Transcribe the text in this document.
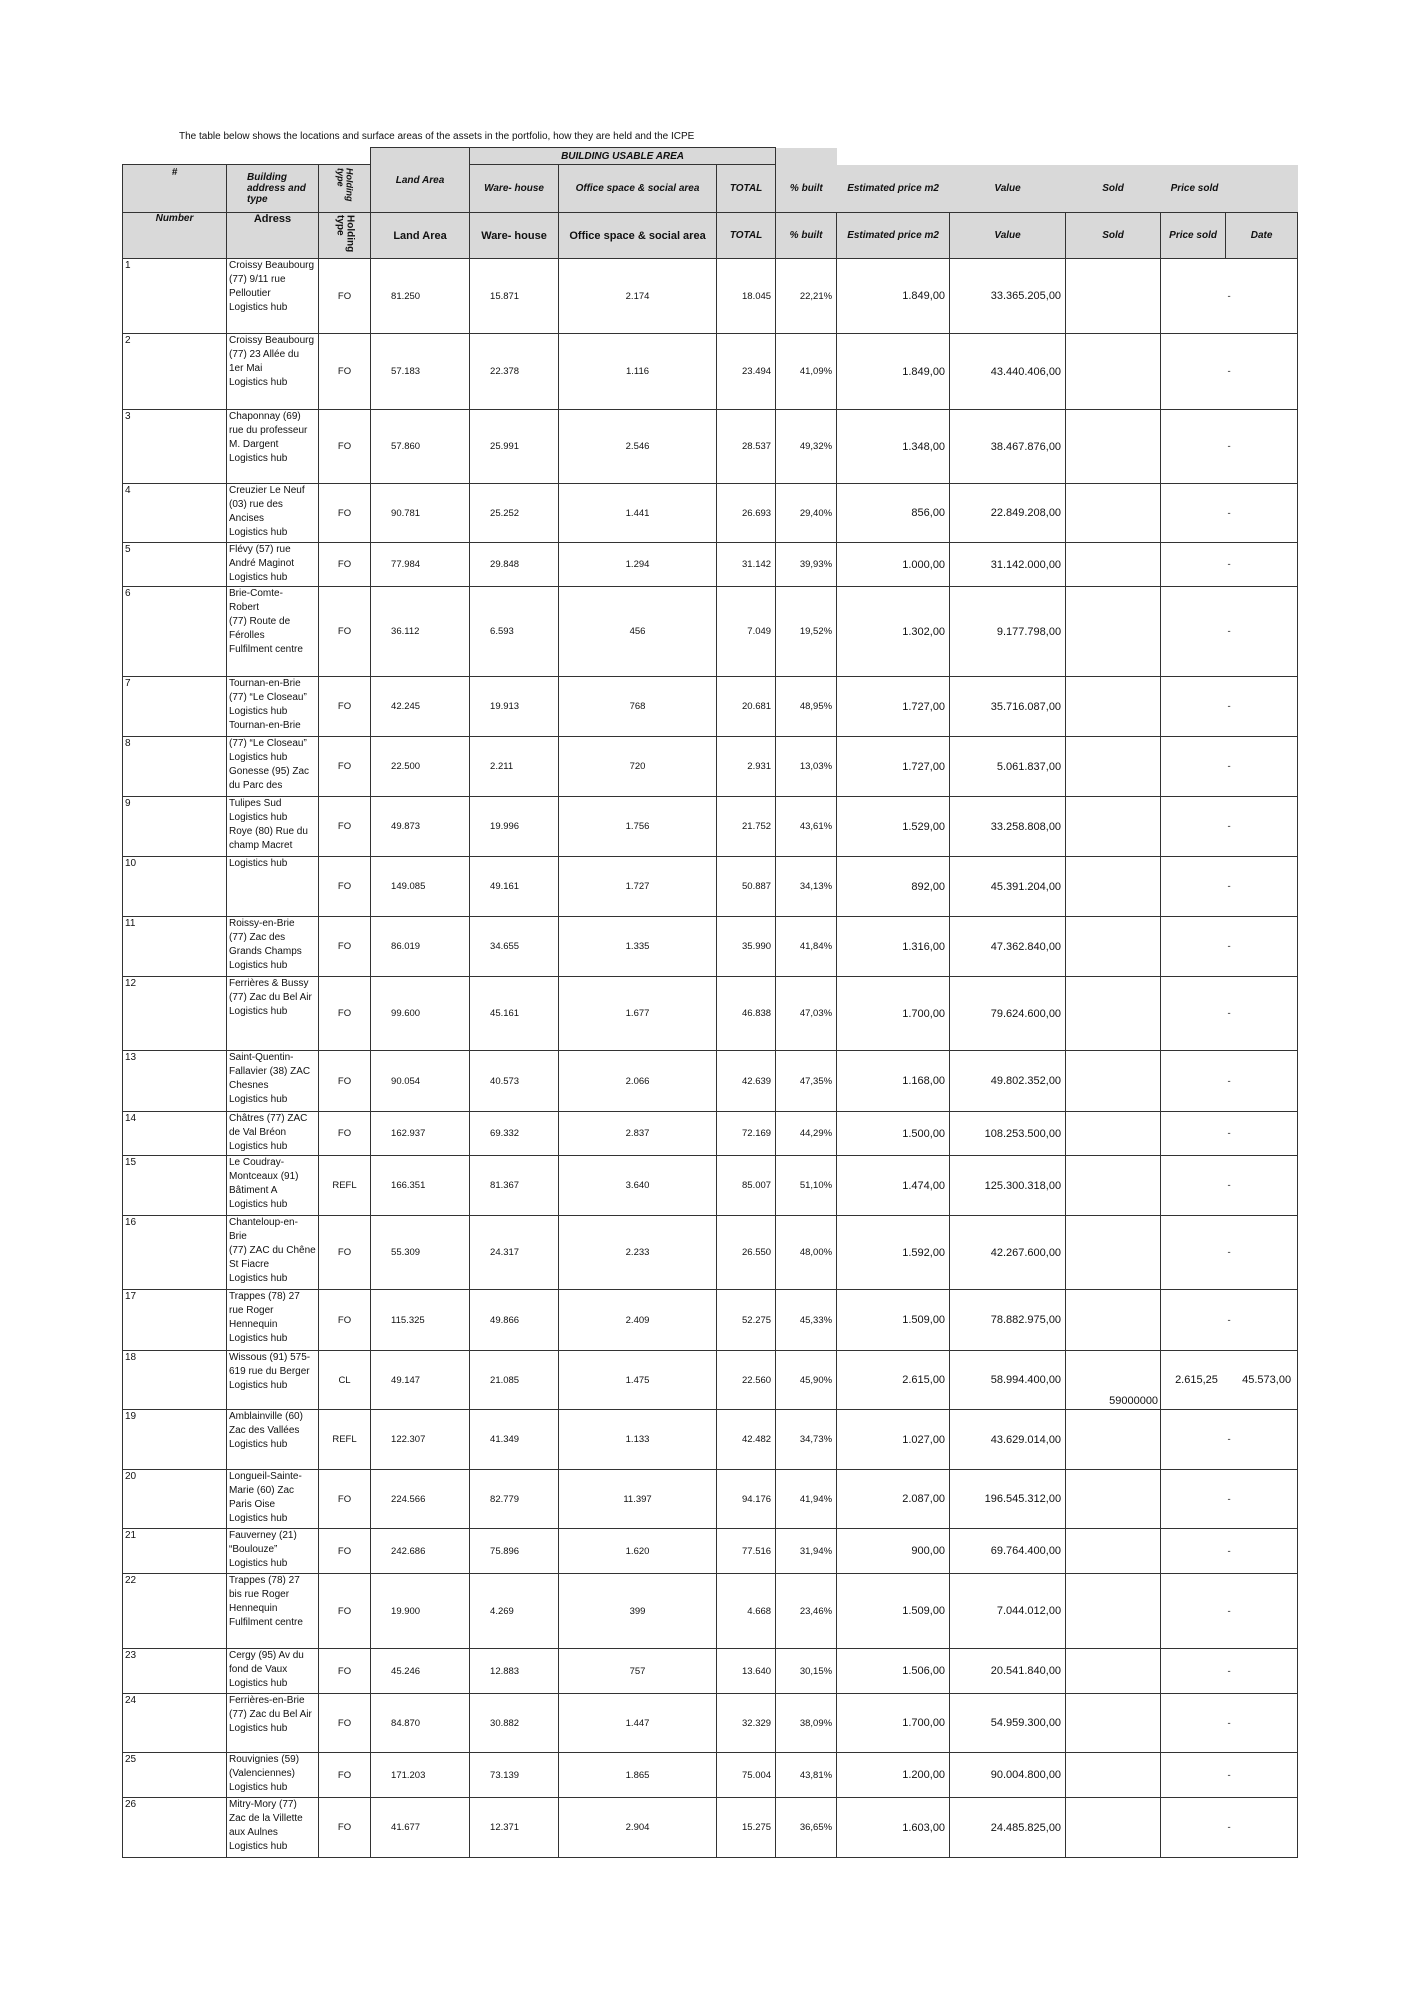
The table below shows the locations and surface areas of the assets in the portfolio, how they are held and the ICPE
			Land Area	BUILDING USABLE AREA								
#	Building address and type	Holding type		Ware- house	Office space & social area	TOTAL	% built	Estimated price m2	Value	Sold	Price sold	
Number	Adress	Holding type	Land Area	Ware- house	Office space & social area	TOTAL	% built	Estimated price m2	Value	Sold	Price sold	Date
1	Croissy Beaubourg
(77) 9/11 rue
Pelloutier
Logistics hub	FO	81.250	15.871	2.174	18.045	22,21%	1.849,00	33.365.205,00		-	

2	Croissy Beaubourg
(77) 23 Allée du
1er Mai
Logistics hub	FO	57.183	22.378	1.116	23.494	41,09%	1.849,00	43.440.406,00		-	

3	Chaponnay (69)
rue du professeur
M. Dargent
Logistics hub	FO	57.860	25.991	2.546	28.537	49,32%	1.348,00	38.467.876,00		-	

4	Creuzier Le Neuf
(03) rue des
Ancises
Logistics hub	FO	90.781	25.252	1.441	26.693	29,40%	856,00	22.849.208,00		-	

5	Flévy (57) rue
André Maginot
Logistics hub	FO	77.984	29.848	1.294	31.142	39,93%	1.000,00	31.142.000,00		-	

6	Brie-Comte-
Robert
(77) Route de
Férolles
Fulfilment centre	FO	36.112	6.593	456	7.049	19,52%	1.302,00	9.177.798,00		-	

7	Tournan-en-Brie
(77) “Le Closeau”
Logistics hub
Tournan-en-Brie	FO	42.245	19.913	768	20.681	48,95%	1.727,00	35.716.087,00		-	

8	(77) “Le Closeau”
Logistics hub
Gonesse (95) Zac
du Parc des	FO	22.500	2.211	720	2.931	13,03%	1.727,00	5.061.837,00		-	

9	Tulipes Sud
Logistics hub
Roye (80) Rue du
champ Macret	FO	49.873	19.996	1.756	21.752	43,61%	1.529,00	33.258.808,00		-	

10	Logistics hub	FO	149.085	49.161	1.727	50.887	34,13%	892,00	45.391.204,00		-	

11	Roissy-en-Brie
(77) Zac des
Grands Champs
Logistics hub	FO	86.019	34.655	1.335	35.990	41,84%	1.316,00	47.362.840,00		-	

12	Ferrières & Bussy
(77) Zac du Bel Air
Logistics hub	FO	99.600	45.161	1.677	46.838	47,03%	1.700,00	79.624.600,00		-	

13	Saint-Quentin-
Fallavier (38) ZAC
Chesnes
Logistics hub	FO	90.054	40.573	2.066	42.639	47,35%	1.168,00	49.802.352,00		-	

14	Châtres (77) ZAC
de Val Bréon
Logistics hub	FO	162.937	69.332	2.837	72.169	44,29%	1.500,00	108.253.500,00		-	

15	Le Coudray-
Montceaux (91)
Bâtiment A
Logistics hub	REFL	166.351	81.367	3.640	85.007	51,10%	1.474,00	125.300.318,00		-	

16	Chanteloup-en-
Brie
(77) ZAC du Chêne
St Fiacre
Logistics hub	FO	55.309	24.317	2.233	26.550	48,00%	1.592,00	42.267.600,00		-	

17	Trappes (78) 27
rue Roger
Hennequin
Logistics hub	FO	115.325	49.866	2.409	52.275	45,33%	1.509,00	78.882.975,00		-	

18	Wissous (91) 575-
619 rue du Berger
Logistics hub	CL	49.147	21.085	1.475	22.560	45,90%	2.615,00	58.994.400,00	59000000	2.615,25 45.573,00	

19	Amblainville (60)
Zac des Vallées
Logistics hub	REFL	122.307	41.349	1.133	42.482	34,73%	1.027,00	43.629.014,00		-	

20	Longueil-Sainte-
Marie (60) Zac
Paris Oise
Logistics hub	FO	224.566	82.779	11.397	94.176	41,94%	2.087,00	196.545.312,00		-	

21	Fauverney (21)
“Boulouze”
Logistics hub	FO	242.686	75.896	1.620	77.516	31,94%	900,00	69.764.400,00		-	

22	Trappes (78) 27
bis rue Roger
Hennequin
Fulfilment centre	FO	19.900	4.269	399	4.668	23,46%	1.509,00	7.044.012,00		-	

23	Cergy (95) Av du
fond de Vaux
Logistics hub	FO	45.246	12.883	757	13.640	30,15%	1.506,00	20.541.840,00		-	

24	Ferrières-en-Brie
(77) Zac du Bel Air
Logistics hub	FO	84.870	30.882	1.447	32.329	38,09%	1.700,00	54.959.300,00		-	

25	Rouvignies (59)
(Valenciennes)
Logistics hub	FO	171.203	73.139	1.865	75.004	43,81%	1.200,00	90.004.800,00		-	

26	Mitry-Mory (77)
Zac de la Villette
aux Aulnes
Logistics hub	FO	41.677	12.371	2.904	15.275	36,65%	1.603,00	24.485.825,00		-	
